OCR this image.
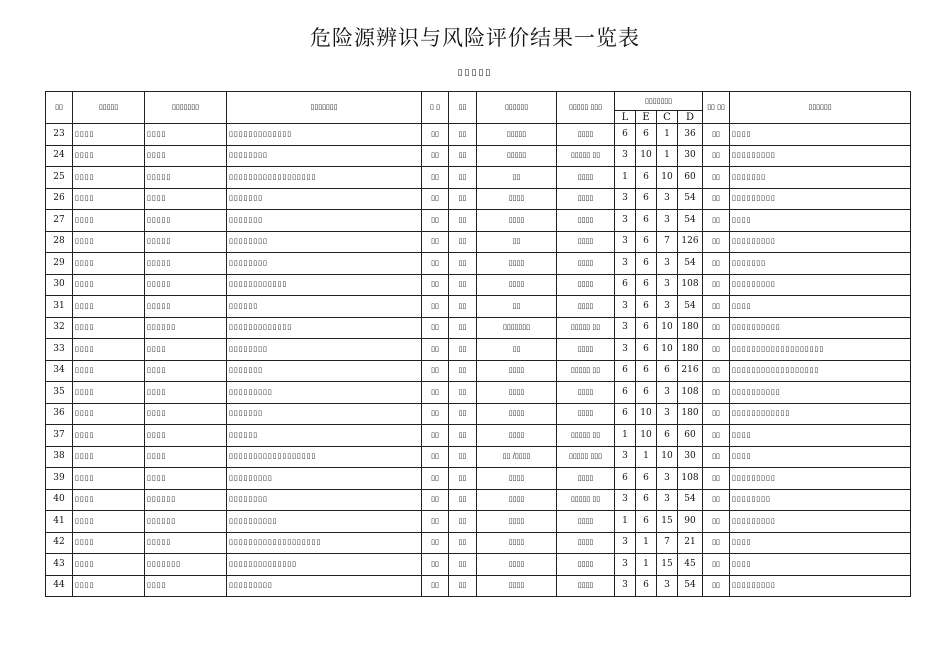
危险源辨识与风险评价结果一览表
▯▯▯▯▯
▯▯	▯▯▯▯▯	▯▯▯▯▯▯▯	▯▯▯▯▯▯▯	▯ ▯	▯▯	▯▯▯▯▯▯	▯▯▯▯▯ ▯▯▯	▯▯▯▯▯▯▯				▯▯ ▯▯	▯▯▯▯▯▯
								L	E	C	D		
23	▯▯▯▯	▯▯▯▯	▯▯▯▯▯▯▯▯▯▯▯▯▯	▯▯	▯▯	▯▯▯▯▯	▯▯▯▯	6	6	1	36	▯▯	▯▯▯▯
24	▯▯▯▯	▯▯▯▯	▯▯▯▯▯▯▯▯	▯▯	▯▯	▯▯▯▯▯	▯▯▯▯▯ ▯▯	3	10	1	30	▯▯	▯▯▯▯▯▯▯▯▯
25	▯▯▯▯	▯▯▯▯▯	▯▯▯▯▯▯▯▯▯▯▯▯▯▯▯▯▯▯	▯▯	▯▯	▯▯	▯▯▯▯	1	6	10	60	▯▯	▯▯▯▯▯▯▯
26	▯▯▯▯	▯▯▯▯	▯▯▯▯▯▯▯	▯▯	▯▯	▯▯▯▯	▯▯▯▯	3	6	3	54	▯▯	▯▯▯▯▯▯▯▯▯
27	▯▯▯▯	▯▯▯▯▯	▯▯▯▯▯▯▯	▯▯	▯▯	▯▯▯▯	▯▯▯▯	3	6	3	54	▯▯	▯▯▯▯
28	▯▯▯▯	▯▯▯▯▯	▯▯▯▯▯▯▯▯	▯▯	▯▯	▯▯	▯▯▯▯	3	6	7	126	▯▯	▯▯▯▯▯▯▯▯▯
29	▯▯▯▯	▯▯▯▯▯	▯▯▯▯▯▯▯▯	▯▯	▯▯	▯▯▯▯	▯▯▯▯	3	6	3	54	▯▯	▯▯▯▯▯▯▯
30	▯▯▯▯	▯▯▯▯▯	▯▯▯▯▯▯▯▯▯▯▯▯	▯▯	▯▯	▯▯▯▯	▯▯▯▯	6	6	3	108	▯▯	▯▯▯▯▯▯▯▯▯
31	▯▯▯▯	▯▯▯▯▯	▯▯▯▯▯▯	▯▯	▯▯	▯▯	▯▯▯▯	3	6	3	54	▯▯	▯▯▯▯
32	▯▯▯▯	▯▯▯▯▯▯	▯▯▯▯▯▯▯▯▯▯▯▯▯	▯▯	▯▯	▯▯▯▯▯▯▯	▯▯▯▯▯ ▯▯	3	6	10	180	▯▯	▯▯▯▯▯▯▯▯▯▯
33	▯▯▯▯	▯▯▯▯	▯▯▯▯▯▯▯▯	▯▯	▯▯	▯▯	▯▯▯▯	3	6	10	180	▯▯	▯▯▯▯▯▯▯▯▯▯▯▯▯▯▯▯▯▯▯
34	▯▯▯▯	▯▯▯▯	▯▯▯▯▯▯▯	▯▯	▯▯	▯▯▯▯	▯▯▯▯▯ ▯▯	6	6	6	216	▯▯	▯▯▯▯▯▯▯▯▯▯▯▯▯▯▯▯▯▯
35	▯▯▯▯	▯▯▯▯	▯▯▯▯▯▯▯▯▯	▯▯	▯▯	▯▯▯▯	▯▯▯▯	6	6	3	108	▯▯	▯▯▯▯▯▯▯▯▯▯
36	▯▯▯▯	▯▯▯▯	▯▯▯▯▯▯▯	▯▯	▯▯	▯▯▯▯	▯▯▯▯	6	10	3	180	▯▯	▯▯▯▯▯▯▯▯▯▯▯▯
37	▯▯▯▯	▯▯▯▯	▯▯▯▯▯▯	▯▯	▯▯	▯▯▯▯	▯▯▯▯▯ ▯▯	1	10	6	60	▯▯	▯▯▯▯
38	▯▯▯▯	▯▯▯▯	▯▯▯▯▯▯▯▯▯▯▯▯▯▯▯▯▯▯	▯▯	▯▯	▯▯ /▯▯▯▯	▯▯▯▯▯ ▯▯▯	3	1	10	30	▯▯	▯▯▯▯
39	▯▯▯▯	▯▯▯▯	▯▯▯▯▯▯▯▯▯	▯▯	▯▯	▯▯▯▯	▯▯▯▯	6	6	3	108	▯▯	▯▯▯▯▯▯▯▯▯
40	▯▯▯▯	▯▯▯▯▯▯	▯▯▯▯▯▯▯▯	▯▯	▯▯	▯▯▯▯	▯▯▯▯▯ ▯▯	3	6	3	54	▯▯	▯▯▯▯▯▯▯▯
41	▯▯▯▯	▯▯▯▯▯▯	▯▯▯▯▯▯▯▯▯▯	▯▯	▯▯	▯▯▯▯	▯▯▯▯	1	6	15	90	▯▯	▯▯▯▯▯▯▯▯▯
42	▯▯▯▯	▯▯▯▯▯	▯▯▯▯▯▯▯▯▯▯▯▯▯▯▯▯▯▯▯	▯▯	▯▯	▯▯▯▯	▯▯▯▯	3	1	7	21	▯▯	▯▯▯▯
43	▯▯▯▯	▯▯▯▯▯▯▯	▯▯▯▯▯▯▯▯▯▯▯▯▯▯	▯▯	▯▯	▯▯▯▯	▯▯▯▯	3	1	15	45	▯▯	▯▯▯▯
44	▯▯▯▯	▯▯▯▯	▯▯▯▯▯▯▯▯▯	▯▯	▯▯	▯▯▯▯	▯▯▯▯	3	6	3	54	▯▯	▯▯▯▯▯▯▯▯▯
